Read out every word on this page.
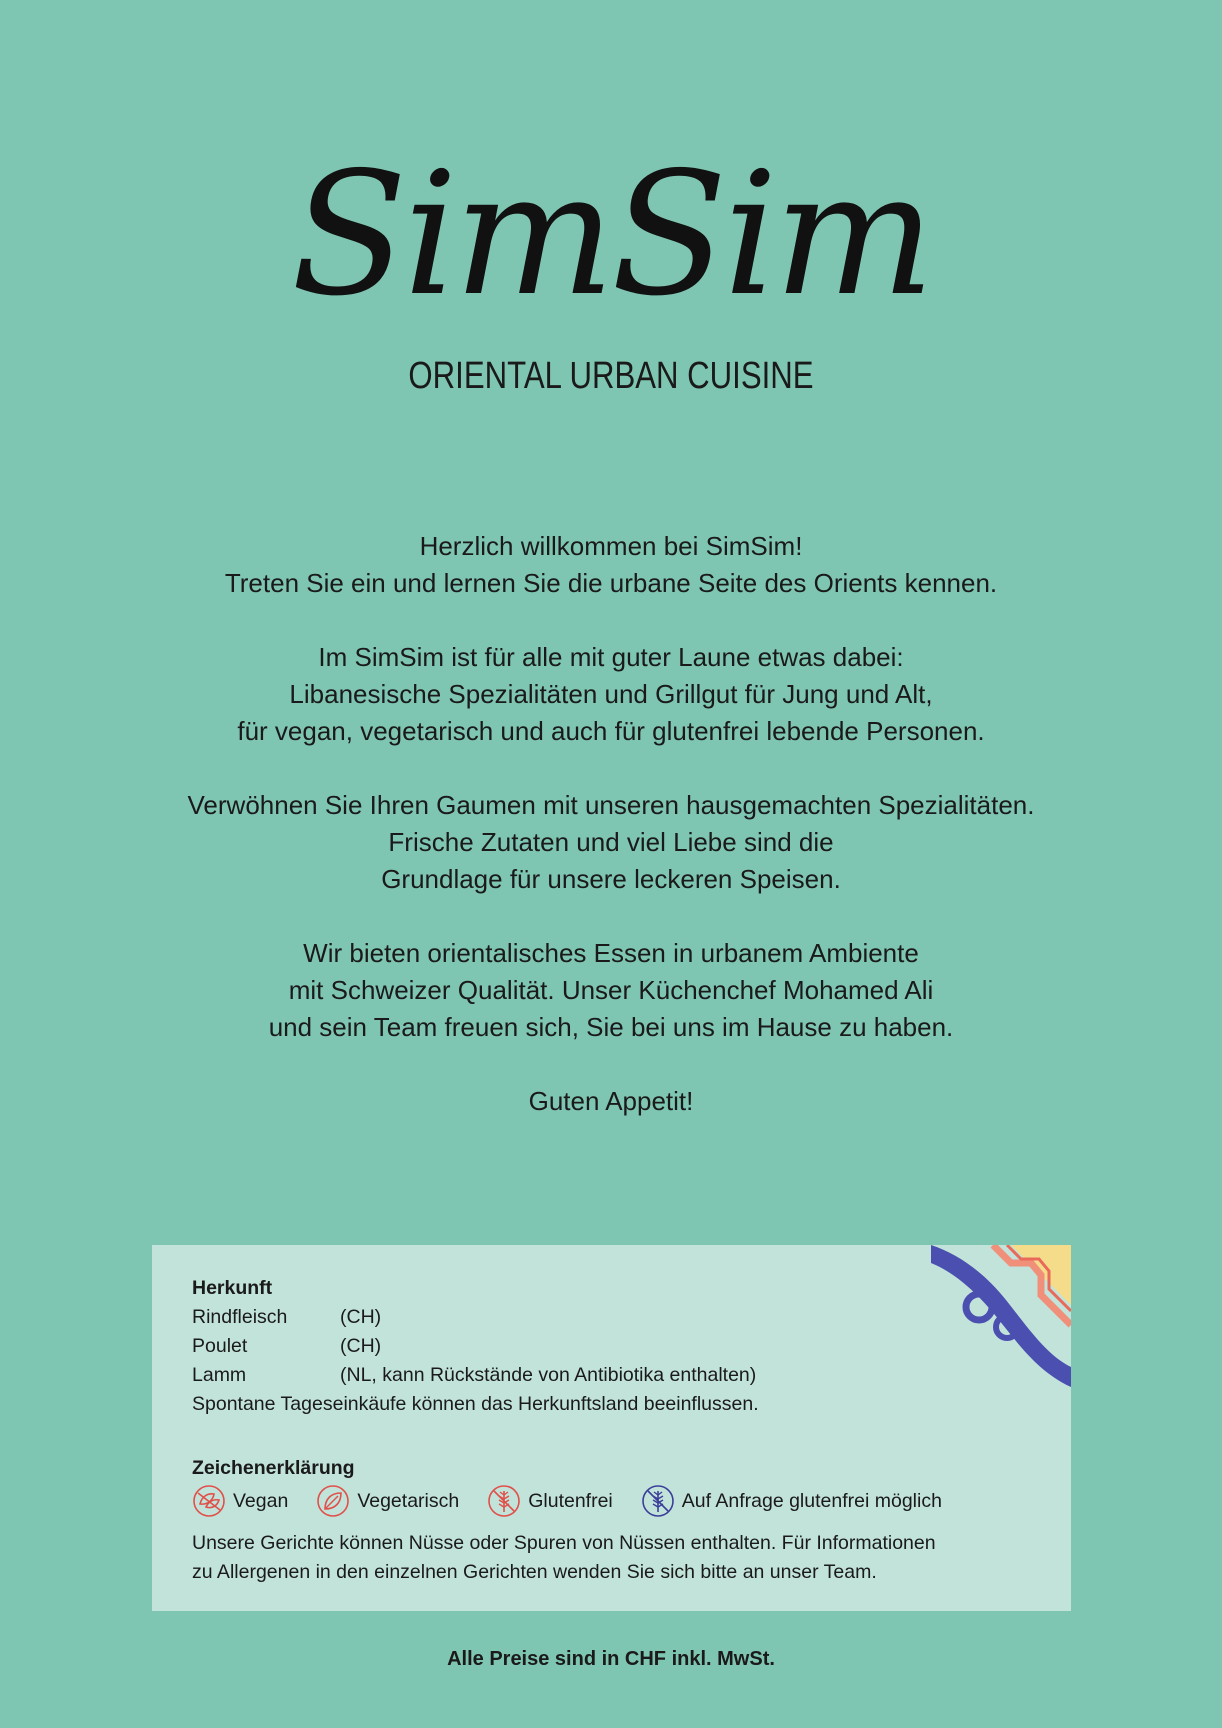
SimSim
ORIENTAL URBAN CUISINE

Herzlich willkommen bei SimSim!
Treten Sie ein und lernen Sie die urbane Seite des Orients kennen.

Im SimSim ist für alle mit guter Laune etwas dabei:
Libanesische Spezialitäten und Grillgut für Jung und Alt,
für vegan, vegetarisch und auch für glutenfrei lebende Personen.

Verwöhnen Sie Ihren Gaumen mit unseren hausgemachten Spezialitäten.
Frische Zutaten und viel Liebe sind die
Grundlage für unsere leckeren Speisen.

Wir bieten orientalisches Essen in urbanem Ambiente
mit Schweizer Qualität. Unser Küchenchef Mohamed Ali
und sein Team freuen sich, Sie bei uns im Hause zu haben.

Guten Appetit!

Herkunft
Rindfleisch	(CH)
Poulet	(CH)
Lamm	(NL, kann Rückstände von Antibiotika enthalten)
Spontane Tageseinkäufe können das Herkunftsland beeinflussen.
Zeichenerklärung
Vegan	Vegetarisch	Glutenfrei	Auf Anfrage glutenfrei möglich
Unsere Gerichte können Nüsse oder Spuren von Nüssen enthalten. Für Informationen
zu Allergenen in den einzelnen Gerichten wenden Sie sich bitte an unser Team.
Alle Preise sind in CHF inkl. MwSt.
